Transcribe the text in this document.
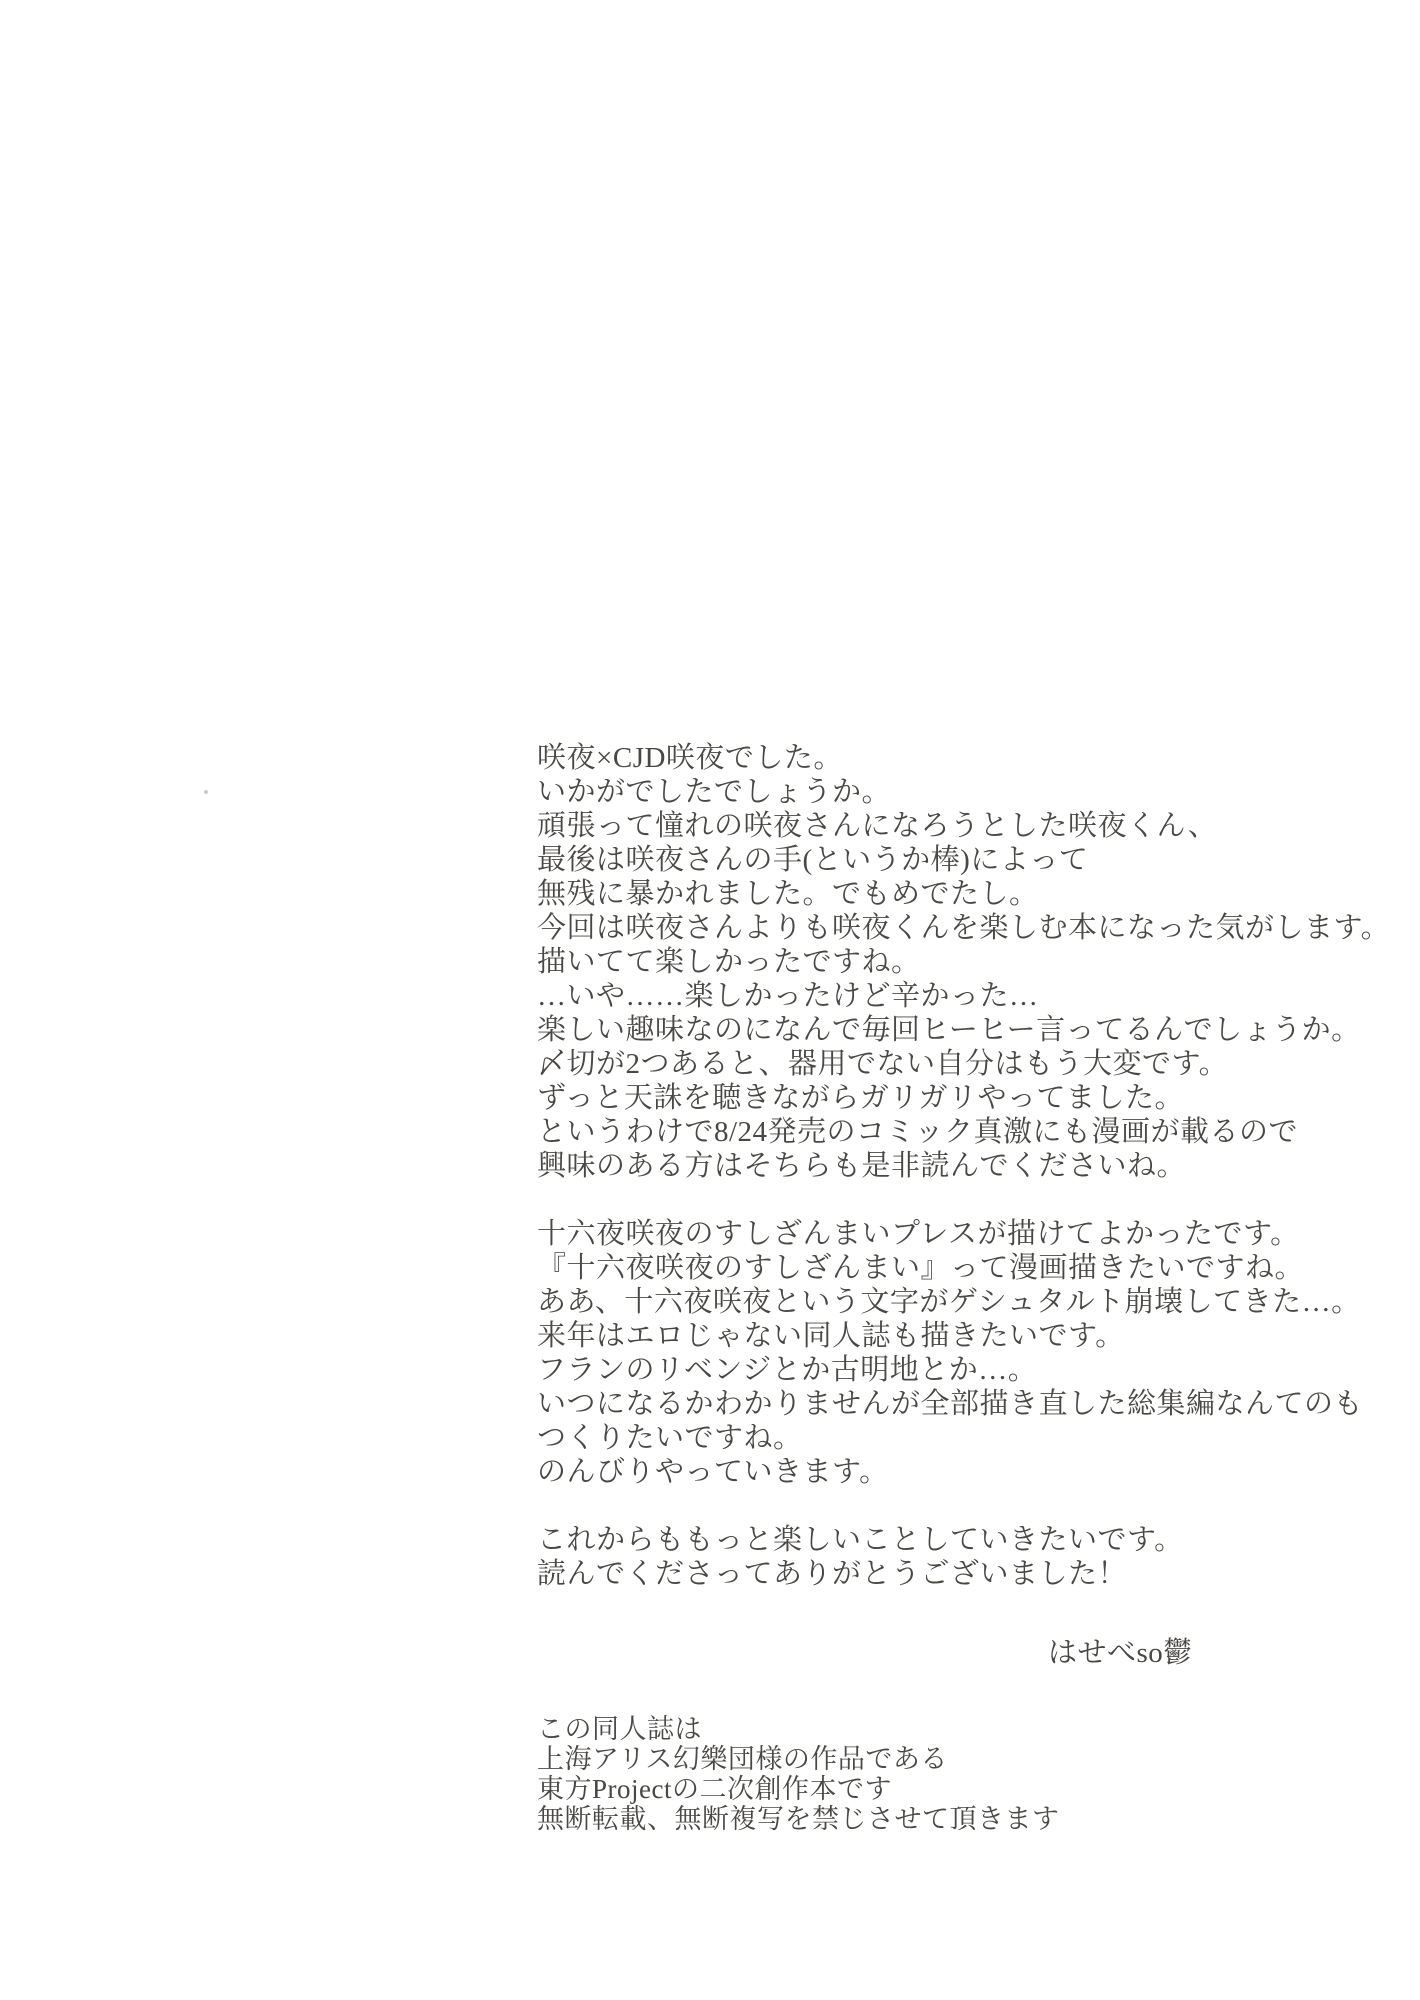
咲夜×CJD咲夜でした。
いかがでしたでしょうか。
頑張って憧れの咲夜さんになろうとした咲夜くん、
最後は咲夜さんの手(というか棒)によって
無残に暴かれました。でもめでたし。
今回は咲夜さんよりも咲夜くんを楽しむ本になった気がします。
描いてて楽しかったですね。
…いや……楽しかったけど辛かった…
楽しい趣味なのになんで毎回ヒーヒー言ってるんでしょうか。
〆切が2つあると、器用でない自分はもう大変です。
ずっと天誅を聴きながらガリガリやってました。
というわけで8/24発売のコミック真激にも漫画が載るので
興味のある方はそちらも是非読んでくださいね。
十六夜咲夜のすしざんまいプレスが描けてよかったです。
『十六夜咲夜のすしざんまい』って漫画描きたいですね。
ああ、十六夜咲夜という文字がゲシュタルト崩壊してきた…。
来年はエロじゃない同人誌も描きたいです。
フランのリベンジとか古明地とか…。
いつになるかわかりませんが全部描き直した総集編なんてのも
つくりたいですね。
のんびりやっていきます。
これからももっと楽しいことしていきたいです。
読んでくださってありがとうございました！
はせべso鬱
この同人誌は
上海アリス幻樂団様の作品である
東方Projectの二次創作本です
無断転載、無断複写を禁じさせて頂きます
